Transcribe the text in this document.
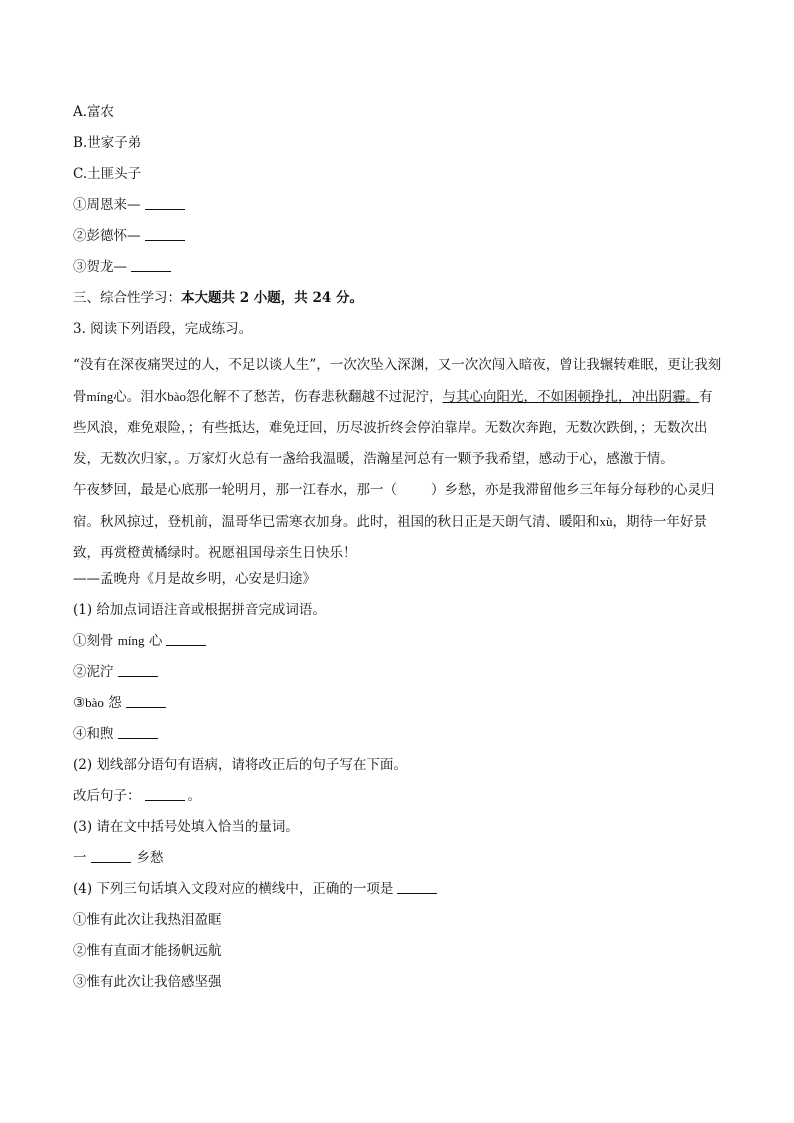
A.富农
B.世家子弟
C.土匪头子
①周恩来—
②彭德怀—
③贺龙—
三、综合性学习：本大题共 2 小题，共 24 分。
3. 阅读下列语段，完成练习。
“没有在深夜痛哭过的人，不足以谈人生”，一次次坠入深渊，又一次次闯入暗夜，曾让我辗转难眠，更让我刻骨míng心。泪水bào怨化解不了愁苦，伤春悲秋翻越不过泥泞，与其心向阳光，不如困顿挣扎，冲出阴霾。有些风浪，难免艰险，；有些抵达，难免迂回，历尽波折终会停泊靠岸。无数次奔跑，无数次跌倒，；无数次出发，无数次归家，。万家灯火总有一盏给我温暖，浩瀚星河总有一颗予我希望，感动于心，感激于情。
午夜梦回，最是心底那一轮明月，那一江春水，那一（	）乡愁，亦是我滞留他乡三年每分每秒的心灵归宿。秋风掠过，登机前，温哥华已需寒衣加身。此时，祖国的秋日正是天朗气清、暖阳和xù，期待一年好景致，再赏橙黄橘绿时。祝愿祖国母亲生日快乐！
——孟晚舟《月是故乡明，心安是归途》
(1) 给加点词语注音或根据拼音完成词语。
①刻骨 míng 心
②泥泞
③bào 怨
④和煦
(2) 划线部分语句有语病，请将改正后的句子写在下面。
改后句子：	。
(3) 请在文中括号处填入恰当的量词。
一	乡愁
(4) 下列三句话填入文段对应的横线中，正确的一项是
①惟有此次让我热泪盈眶
②惟有直面才能扬帆远航
③惟有此次让我倍感坚强
